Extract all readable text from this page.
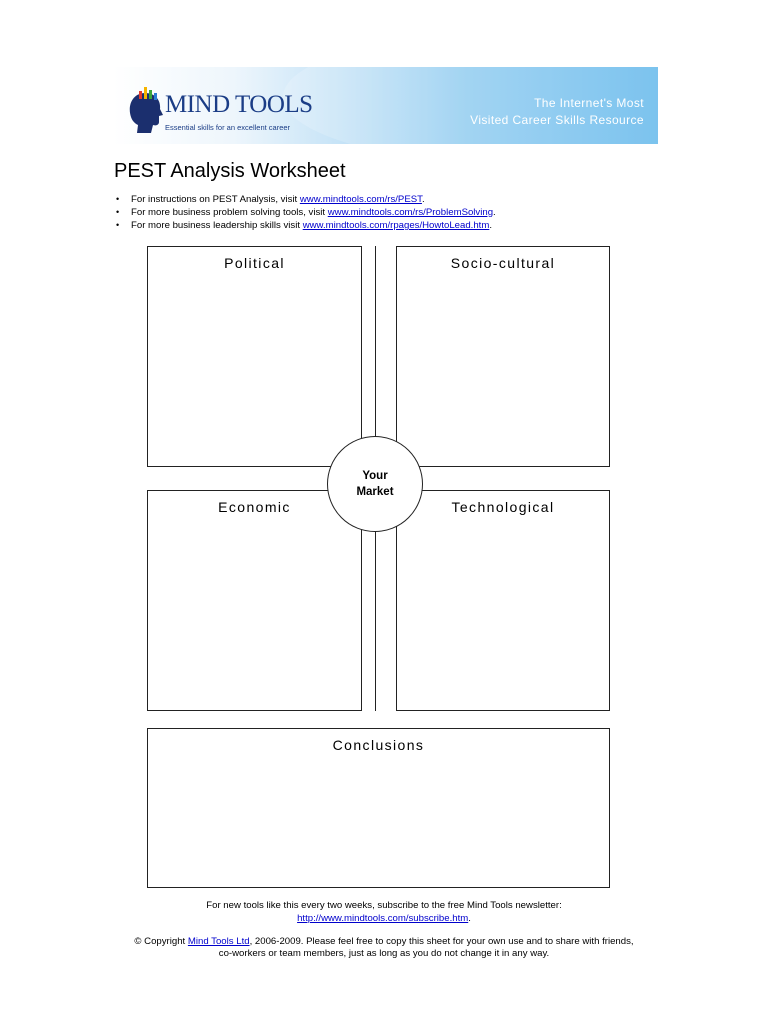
MIND TOOLS
Essential skills for an excellent career
The Internet's Most
Visited Career Skills Resource
PEST Analysis Worksheet
• For instructions on PEST Analysis, visit www.mindtools.com/rs/PEST.
• For more business problem solving tools, visit www.mindtools.com/rs/ProblemSolving.
• For more business leadership skills visit www.mindtools.com/rpages/HowtoLead.htm.
Political	Socio-cultural
Economic	Technological
Your
Market
Conclusions
For new tools like this every two weeks, subscribe to the free Mind Tools newsletter:
http://www.mindtools.com/subscribe.htm.
© Copyright Mind Tools Ltd, 2006-2009. Please feel free to copy this sheet for your own use and to share with friends,
co-workers or team members, just as long as you do not change it in any way.
